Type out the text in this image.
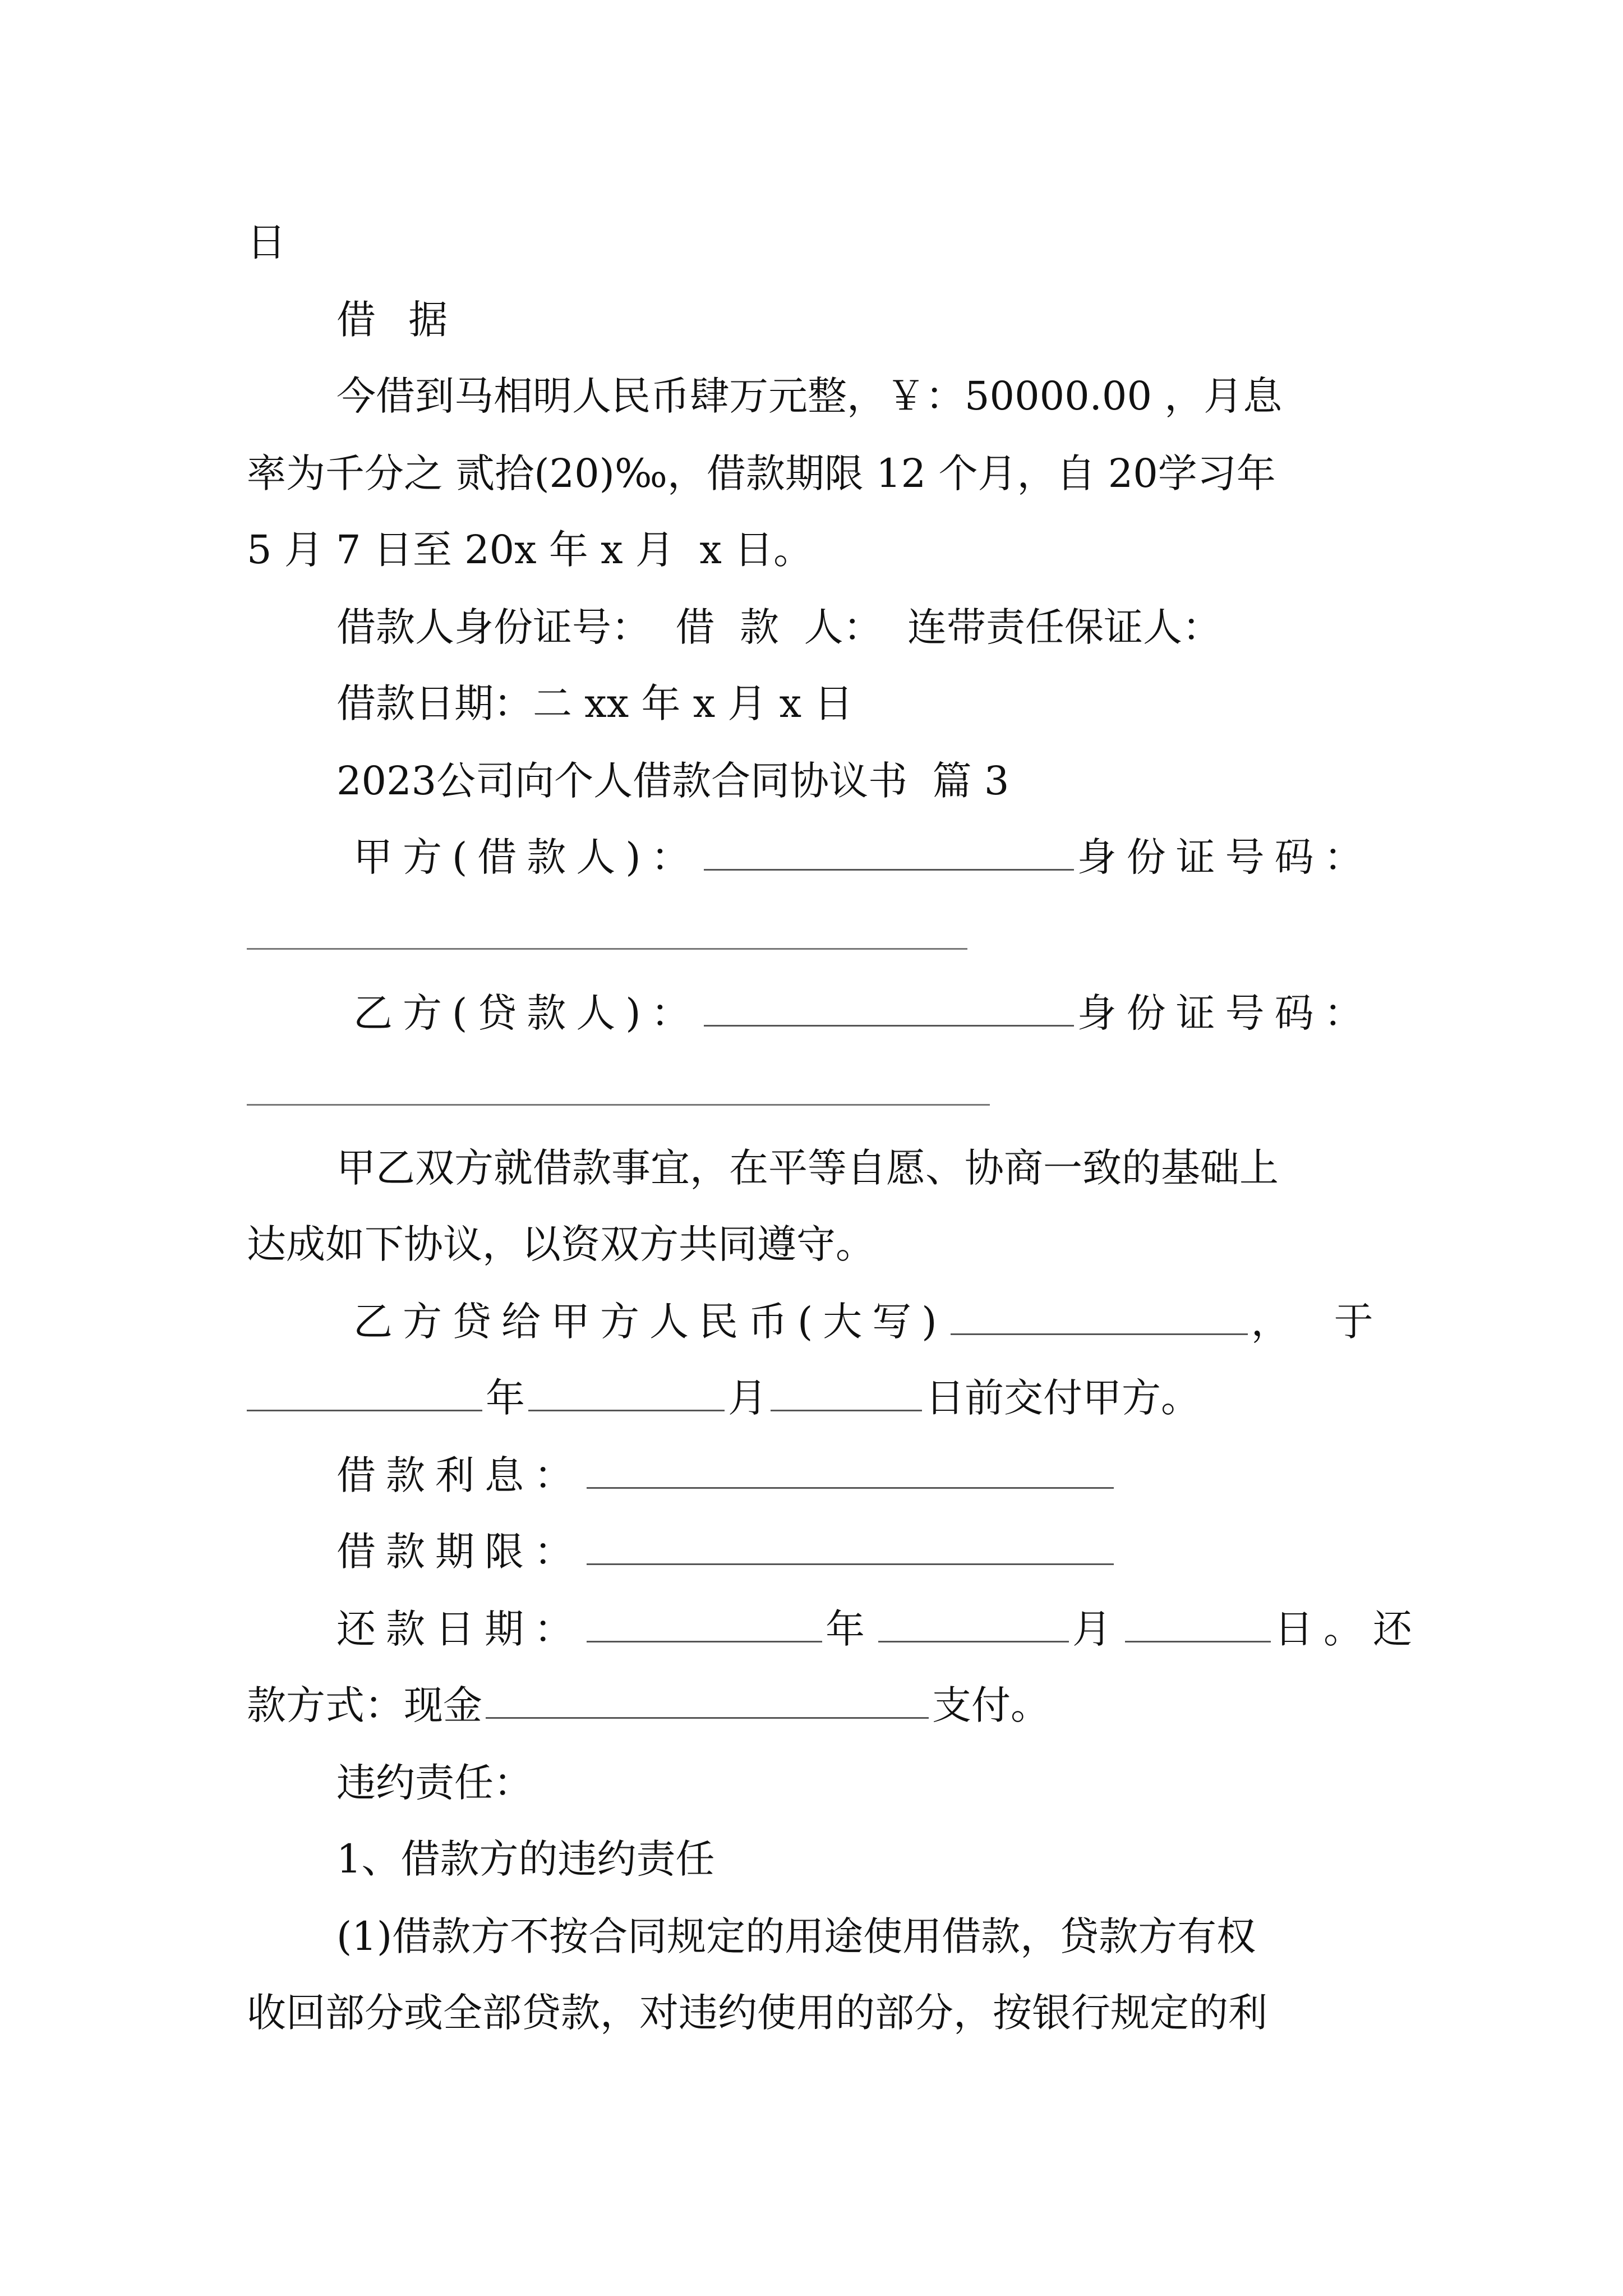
日

借 据

今借到马相明人民币肆万元整，￥：50000.00 ，月息

率为千分之 贰拾(20)‰，借款期限 12 个月，自 20学习年

5 月 7 日至 20x 年 x 月  x 日。

借款人身份证号：  借  款  人：  连带责任保证人：

借款日期：二 xx 年 x 月 x 日

2023公司向个人借款合同协议书  篇 3

甲方(借款人)：	身份证号码：

乙方(贷款人)：	身份证号码：

甲乙双方就借款事宜，在平等自愿、协商一致的基础上

达成如下协议，以资双方共同遵守。

乙方贷给甲方人民币(大写)	， 于

年	月	日前交付甲方。

借款利息：

借款期限：

还款日期：	年	月	日。还

款方式：现金	支付。

违约责任：

1、借款方的违约责任

(1)借款方不按合同规定的用途使用借款，贷款方有权

收回部分或全部贷款，对违约使用的部分，按银行规定的利
